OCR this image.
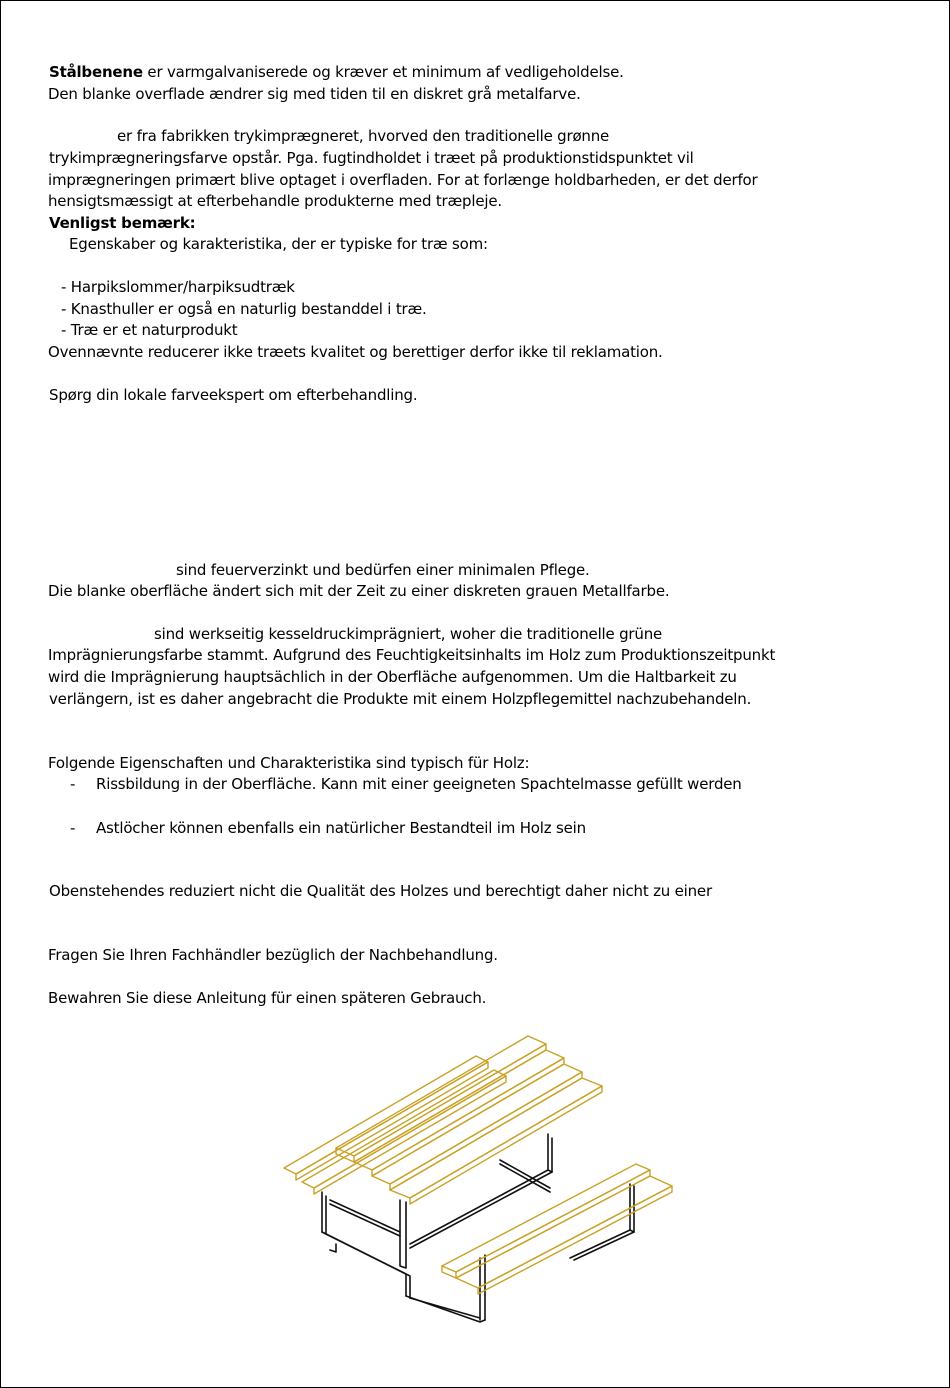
Stålbenene er varmgalvaniserede og kræver et minimum af vedligeholdelse.
Den blanke overflade ændrer sig med tiden til en diskret grå metalfarve.
er fra fabrikken trykimprægneret, hvorved den traditionelle grønne
trykimprægneringsfarve opstår. Pga. fugtindholdet i træet på produktionstidspunktet vil
imprægneringen primært blive optaget i overfladen. For at forlænge holdbarheden, er det derfor
hensigtsmæssigt at efterbehandle produkterne med træpleje.
Venligst bemærk:
Egenskaber og karakteristika, der er typiske for træ som:
- Harpikslommer/harpiksudtræk
- Knasthuller er også en naturlig bestanddel i træ.
- Træ er et naturprodukt
Ovennævnte reducerer ikke træets kvalitet og berettiger derfor ikke til reklamation.
Spørg din lokale farveekspert om efterbehandling.
sind feuerverzinkt und bedürfen einer minimalen Pflege.
Die blanke oberfläche ändert sich mit der Zeit zu einer diskreten grauen Metallfarbe.
sind werkseitig kesseldruckimprägniert, woher die traditionelle grüne
Imprägnierungsfarbe stammt. Aufgrund des Feuchtigkeitsinhalts im Holz zum Produktionszeitpunkt
wird die Imprägnierung hauptsächlich in der Oberfläche aufgenommen. Um die Haltbarkeit zu
verlängern, ist es daher angebracht die Produkte mit einem Holzpflegemittel nachzubehandeln.
Folgende Eigenschaften und Charakteristika sind typisch für Holz:
- Rissbildung in der Oberfläche. Kann mit einer geeigneten Spachtelmasse gefüllt werden
- Astlöcher können ebenfalls ein natürlicher Bestandteil im Holz sein
Obenstehendes reduziert nicht die Qualität des Holzes und berechtigt daher nicht zu einer
Fragen Sie Ihren Fachhändler bezüglich der Nachbehandlung.
Bewahren Sie diese Anleitung für einen späteren Gebrauch.
